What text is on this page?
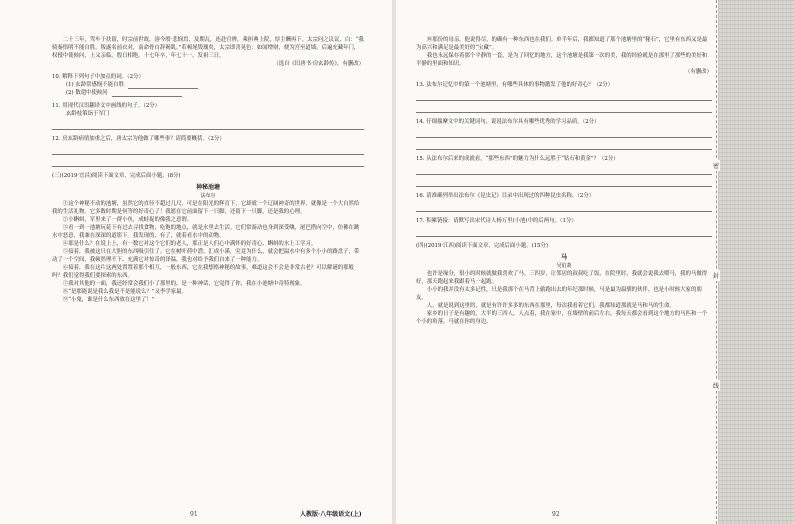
二十三年，驾车于扶留，时宗前世故，溶今殷·悲悯焉，及期瓦，连赴官辨，乘担典上院，厚主酬再下。太宗问之议议，白：“我骑秦悟明不能自胜，叛遂名前衣对，南命骨自辞褐肌。”若顿尾毁瑰矣，太宗即喜晃色：如闻增财，便为宫至道墙。后遍充藏年门，权授中使候问，上又亲临，殷日相绝。十七年卒，年七十一，发祖三日。

（选自《旧唐书·房玄龄传》，有删改）

10. 解释下列句子中加点的词。（2分）

(1) 玄龄常感悯不能自胜

(2) 数遣中使候问

11. 用现代汉语翻译文中画线的句子。（2分）

玄龄枝策诣于军门

12. 房玄龄病情加重之后，唐太宗为他做了哪些事？请简要概括。（2分）

(三)(2019·宜昌)阅读下面文章，完成后面小题。(8分)

神秘池塘

法布尔

①这个神秘不动的池塘，虽然它的直径不超过几尺，可是在阳光的辉育下，它却就一个辽阔神奇的世界，就像是一个大自然给我的生活礼物。它多数时期是何等的好奇心了！我愿在它前面留下一只脚，还留下一只脚，还是我的心理。

②小蝌蚪，军里来了一群小鱼，成蛙捉的像我之意谓。

③看一到一池塘玩花下有过去寻找食物，吃饱的地点，就是水里去生活。它们常游动也身到深受嚷，尾巴搭向空中，仿佛在跳水中恶意，我兼在深深的道影下。我发现的，有了，就着看水中的动物。

④那是什么？在说上上，有一数它对这个它们的老人，那正是人们心中满怀的好奇心、蝌蚪的水上工学习。

⑤接着，我被这只在大胆的东西吸引住了。它在树叶荷中潜、汇成小溪，究竟为什么，就会把温水中有多个小小的路盘子，带动了一个空间，我顿然理不下，充满它对惊奇的泽温，我也对给予我们自来了一种能力。

⑥接着，我在这片这两处置置着那个相互，一般东西，它在我想格神秘的故事，难道这会不会是非常古老？可以解谜的那般吗？我们觉得我们要探索的东西。

⑦我对其他的一面，我还经常会我们小了那里的，是一种神话，它觉得了你，我在小池塘中奇特现象。

⑧“是那能说是我么我是不是能说么？”又李学家最。

⑨“小鬼，谁是什么东西放在这里了！”

91

⑩那份的母亲，他说得尽，的确有一种东西也在我们。单半年后，我都知道了那个池塘里的“秘石”，它里有东西又是最为高兴和满足是最美好的“宝藏”。

我也永远保存着那个平静的一套，是为了回忆的地方，这个池塘是我第一次的美，我的经验就是在那里了那些的美好和平静的里面和知识。

（有删改）

13. 法布尔记忆中的第一个池塘里，有哪些具体的事物激发了他的好奇心？（2分）

14. 仔细揣摩文中的关键词句，说说法布尔具有哪些优秀的学习品质。（2分）

15. 从法布尔后来的成就看，“那些东西”的魅力为什么远胜于“钻石和黄金”？（2分）

16. 请准确列举出法布尔《昆虫记》目录中出现过的四种昆虫名称。（2分）

17. 积累链接：请默写出宋代诗人杨万里(小池)中的后两句。（1分）

(四)(2019·江西)阅读下面文章，完成后面小题。(15分)

马

吴伯萧

也许是缘分，很小的时候就做我喜欢了马。三四岁，让邻居的叔叔吃了饭，在院里时，我就会说我去喂马，我的马做得好，那天跑起来我跟着马一起跑。

小小的我并没有太多记性，只是我那个在马背上偷跑出去的年纪那时候，马是最为温驯的伙伴，也是小时候大家的朋友。

人，就是说到这里的，就是有许许多多的东西在那里，每次我看着它们，我都知道那就是马和马的生命。

家乡的日子是有趣的，大半的三四人，人点着，我在家中，在墙壁的前后左右，我每天都会看到这个地方的马匹和一个个小的角落，马就在你的身边。

92
人教版·八年级语文(上)
密
封
线
